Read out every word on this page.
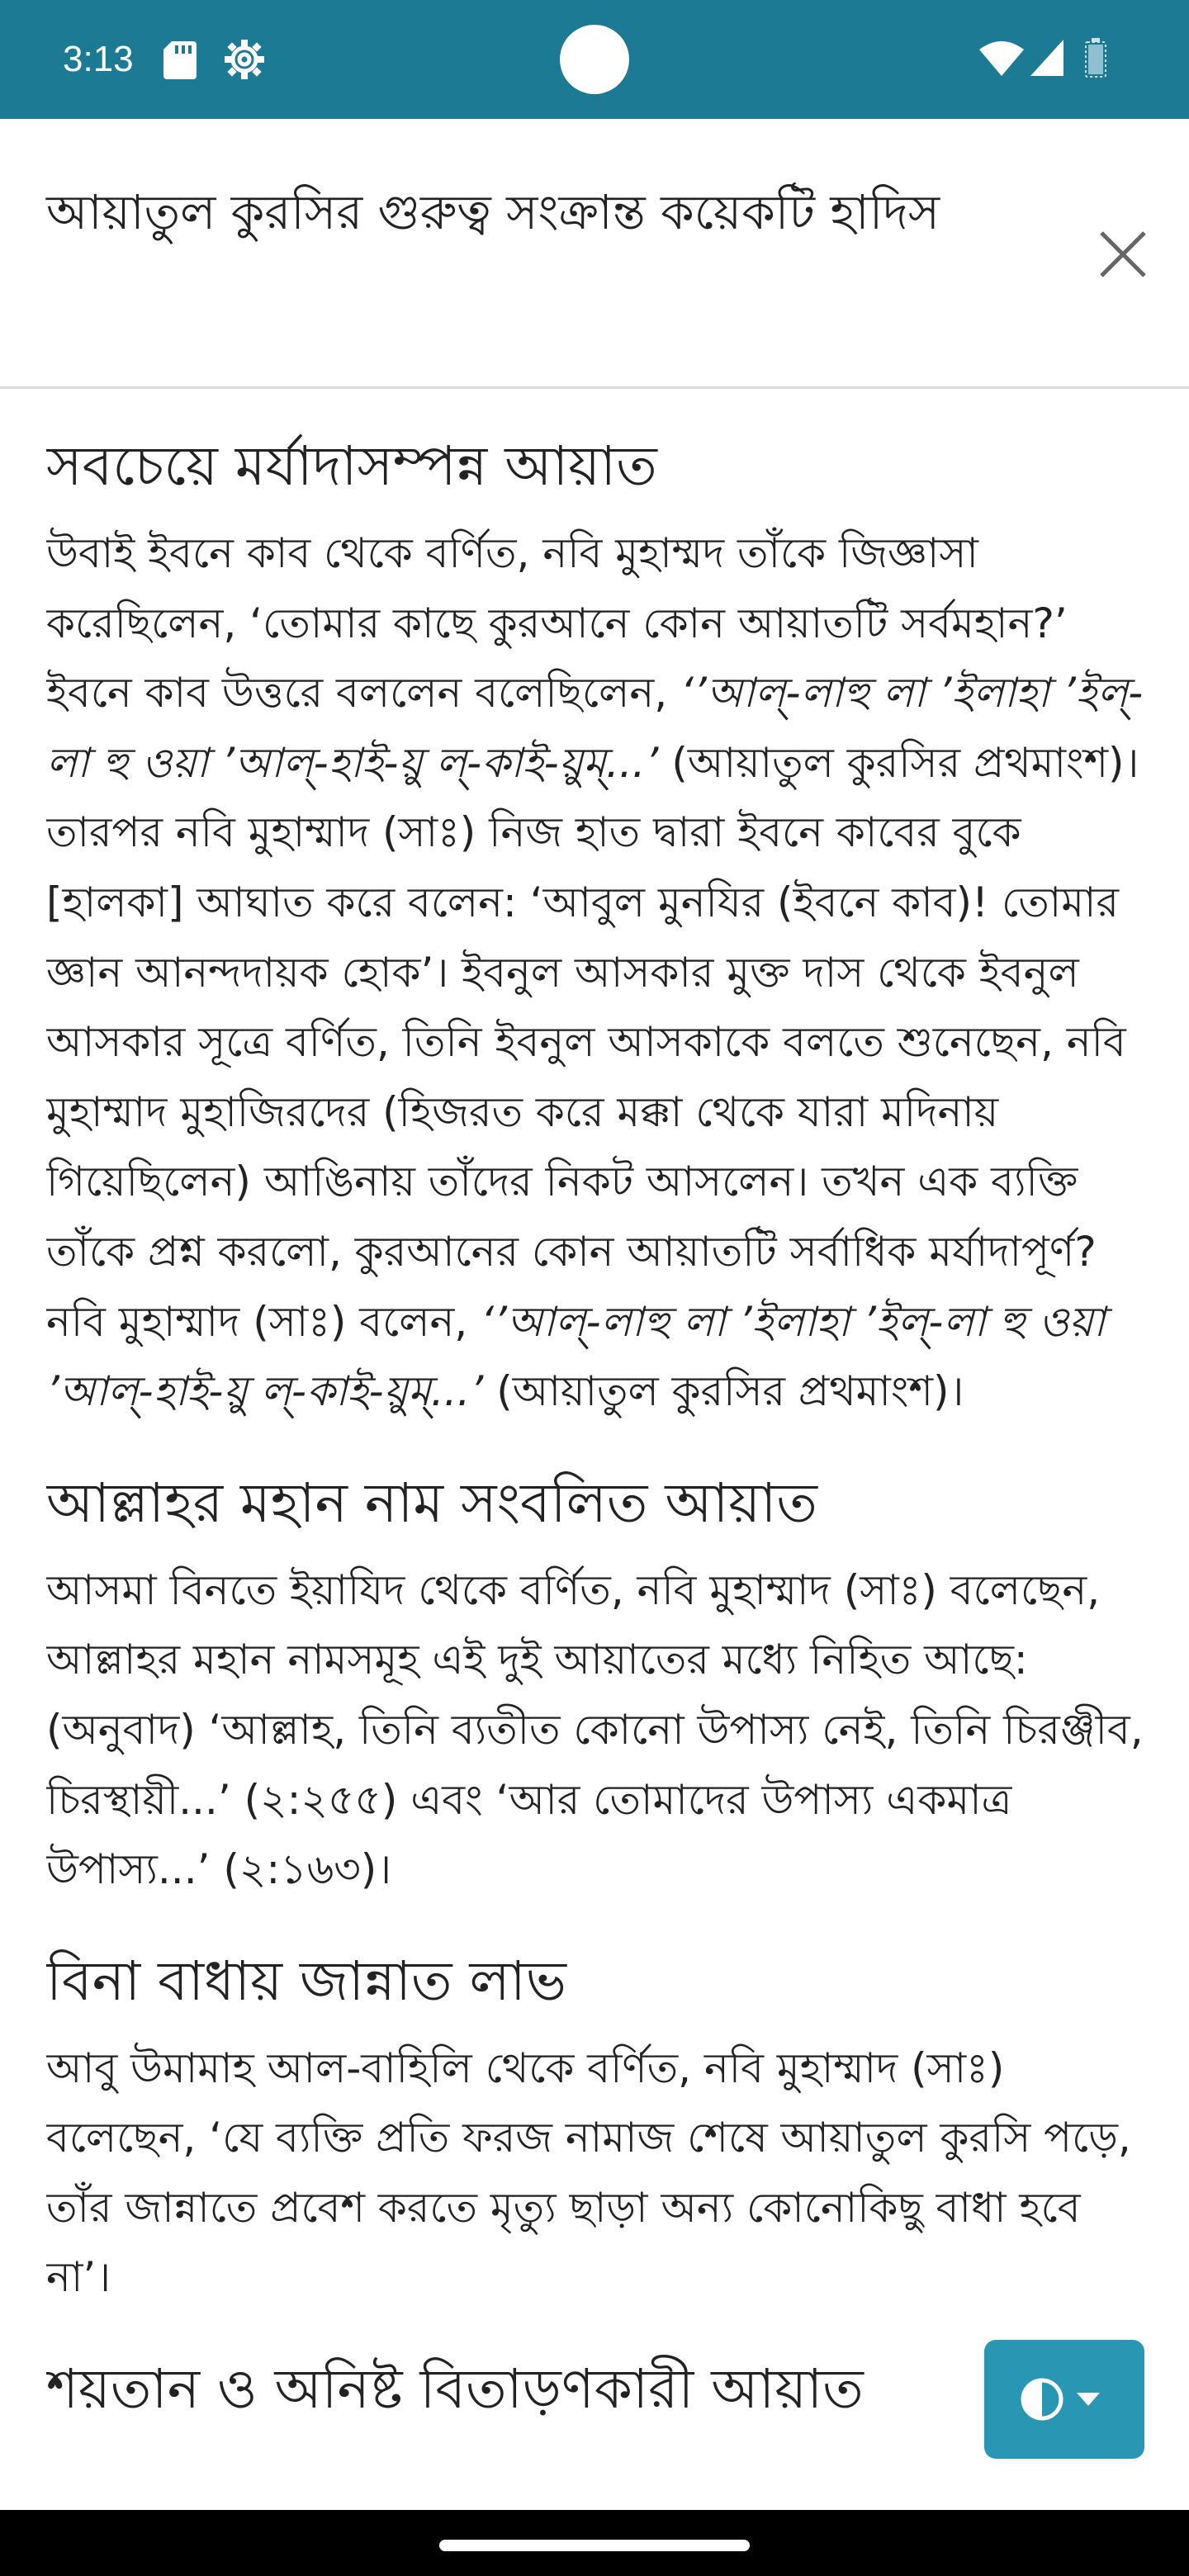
3:13
আয়াতুল কুরসির গুরুত্ব সংক্রান্ত কয়েকটি হাদিস
সবচেয়ে মর্যাদাসম্পন্ন আয়াত

উবাই ইবনে কাব থেকে বর্ণিত, নবি মুহাম্মদ তাঁকে জিজ্ঞাসা করেছিলেন, ‘তোমার কাছে কুরআনে কোন আয়াতটি সর্বমহান?’ ইবনে কাব উত্তরে বললেন বলেছিলেন, ‘’আল্‌-লাহু লা ’ইলাহা ’ইল্‌-লা হু ওয়া ’আল্‌-হাই-য়ু ল্‌-কাই-য়ুম্‌...’ (আয়াতুল কুরসির প্রথমাংশ)। তারপর নবি মুহাম্মাদ (সাঃ) নিজ হাত দ্বারা ইবনে কাবের বুকে [হালকা] আঘাত করে বলেন: ‘আবুল মুনযির (ইবনে কাব)! তোমার জ্ঞান আনন্দদায়ক হোক’। ইবনুল আসকার মুক্ত দাস থেকে ইবনুল আসকার সূত্রে বর্ণিত, তিনি ইবনুল আসকাকে বলতে শুনেছেন, নবি মুহাম্মাদ মুহাজিরদের (হিজরত করে মক্কা থেকে যারা মদিনায় গিয়েছিলেন) আঙিনায় তাঁদের নিকট আসলেন। তখন এক ব্যক্তি তাঁকে প্রশ্ন করলো, কুরআনের কোন আয়াতটি সর্বাধিক মর্যাদাপূর্ণ? নবি মুহাম্মাদ (সাঃ) বলেন, ‘’আল্‌-লাহু লা ’ইলাহা ’ইল্‌-লা হু ওয়া ’আল্‌-হাই-য়ু ল্‌-কাই-য়ুম্‌...’ (আয়াতুল কুরসির প্রথমাংশ)।

আল্লাহর মহান নাম সংবলিত আয়াত

আসমা বিনতে ইয়াযিদ থেকে বর্ণিত, নবি মুহাম্মাদ (সাঃ) বলেছেন, আল্লাহর মহান নামসমূহ এই দুই আয়াতের মধ্যে নিহিত আছে: (অনুবাদ) ‘আল্লাহ, তিনি ব্যতীত কোনো উপাস্য নেই, তিনি চিরঞ্জীব, চিরস্থায়ী...’ (২:২৫৫) এবং ‘আর তোমাদের উপাস্য একমাত্র উপাস্য...’ (২:১৬৩)।

বিনা বাধায় জান্নাত লাভ

আবু উমামাহ আল-বাহিলি থেকে বর্ণিত, নবি মুহাম্মাদ (সাঃ) বলেছেন, ‘যে ব্যক্তি প্রতি ফরজ নামাজ শেষে আয়াতুল কুরসি পড়ে, তাঁর জান্নাতে প্রবেশ করতে মৃত্যু ছাড়া অন্য কোনোকিছু বাধা হবে না’।

শয়তান ও অনিষ্ট বিতাড়ণকারী আয়াত
